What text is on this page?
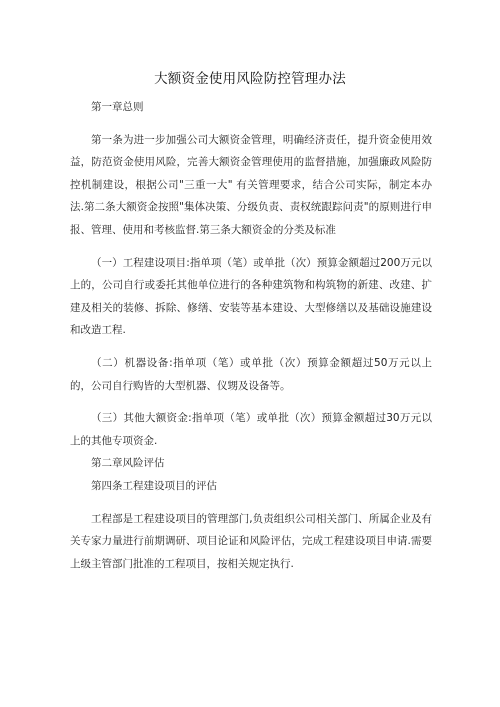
大额资金使用风险防控管理办法

第一章总则

第一条为进一步加强公司大额资金管理，明确经济责任，提升资金使用效益，防范资金使用风险，完善大额资金管理使用的监督措施，加强廉政风险防控机制建设，根据公司"三重一大" 有关管理要求，结合公司实际，制定本办法.第二条大额资金按照"集体决策、分级负责、责权统跟踪问责"的原则进行申报、管理、使用和考核监督.第三条大额资金的分类及标准

（一）工程建设项目:指单项（笔）或单批（次）预算金额超过200万元以上的，公司自行或委托其他单位进行的各种建筑物和构筑物的新建、改建、扩建及相关的装修、拆除、修缮、安装等基本建设、大型修缮以及基础设施建设和改造工程.

（二）机器设备:指单项（笔）或单批（次）预算金额超过50万元以上的，公司自行购皆的大型机器、仪甥及设备等。

（三）其他大额资金:指单项（笔）或单批（次）预算金额超过30万元以上的其他专项资金.

第二章风险评估

第四条工程建设项目的评估

工程部是工程建设项目的管理部门,负责组织公司相关部门、所属企业及有关专家力量进行前期调研、项目论证和风险评估，完成工程建设项目申请.需要上级主管部门批准的工程项目，按相关规定执行.
